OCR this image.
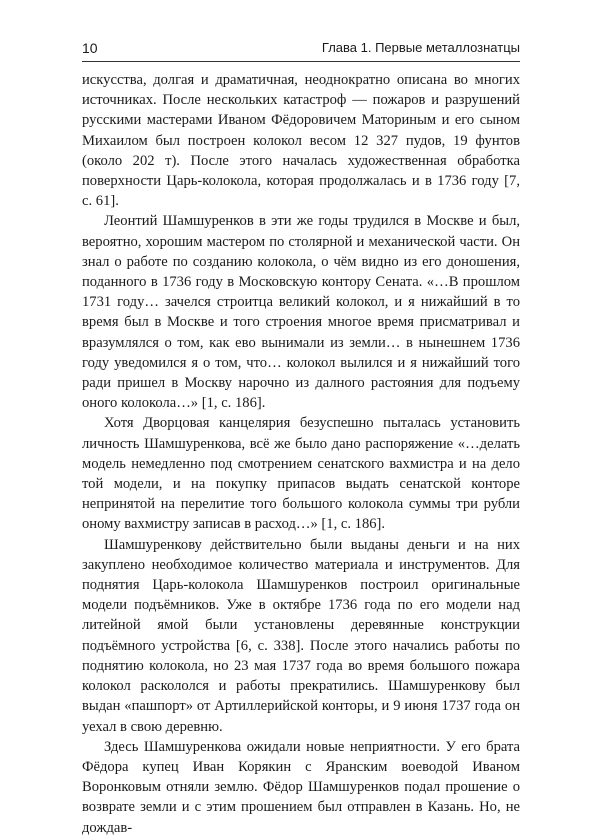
10	Глава 1. Первые металлознатцы

искусства, долгая и драматичная, неоднократно описана во многих источниках. После нескольких катастроф — пожаров и разрушений русскими мастерами Иваном Фёдоровичем Маториным и его сыном Михаилом был построен колокол весом 12 327 пудов, 19 фунтов (около 202 т). После этого началась художественная обработка поверхности Царь-колокола, которая продолжалась и в 1736 году [7, с. 61].

Леонтий Шамшуренков в эти же годы трудился в Москве и был, вероятно, хорошим мастером по столярной и механической части. Он знал о работе по созданию колокола, о чём видно из его доношения, поданного в 1736 году в Московскую контору Сената. «…В прошлом 1731 году… зачелся строитца великий колокол, и я нижайший в то время был в Москве и того строения многое время присматривал и вразумлялся о том, как ево вынимали из земли… в нынешнем 1736 году уведомился я о том, что… колокол вылился и я нижайший того ради пришел в Москву нарочно из далного растояния для подъему оного колокола…» [1, с. 186].

Хотя Дворцовая канцелярия безуспешно пыталась установить личность Шамшуренкова, всё же было дано распоряжение «…делать модель немедленно под смотрением сенатского вахмистра и на дело той модели, и на покупку припасов выдать сенатской конторе непринятой на перелитие того большого колокола суммы три рубли оному вахмистру записав в расход…» [1, с. 186].

Шамшуренкову действительно были выданы деньги и на них закуплено необходимое количество материала и инструментов. Для поднятия Царь-колокола Шамшуренков построил оригинальные модели подъёмников. Уже в октябре 1736 года по его модели над литейной ямой были установлены деревянные конструкции подъёмного устройства [6, с. 338]. После этого начались работы по поднятию колокола, но 23 мая 1737 года во время большого пожара колокол раскололся и работы прекратились. Шамшуренкову был выдан «пашпорт» от Артиллерийской конторы, и 9 июня 1737 года он уехал в свою деревню.

Здесь Шамшуренкова ожидали новые неприятности. У его брата Фёдора купец Иван Корякин с Яранским воеводой Иваном Воронковым отняли землю. Фёдор Шамшуренков подал прошение о возврате земли и с этим прошением был отправлен в Казань. Но, не дождав-
